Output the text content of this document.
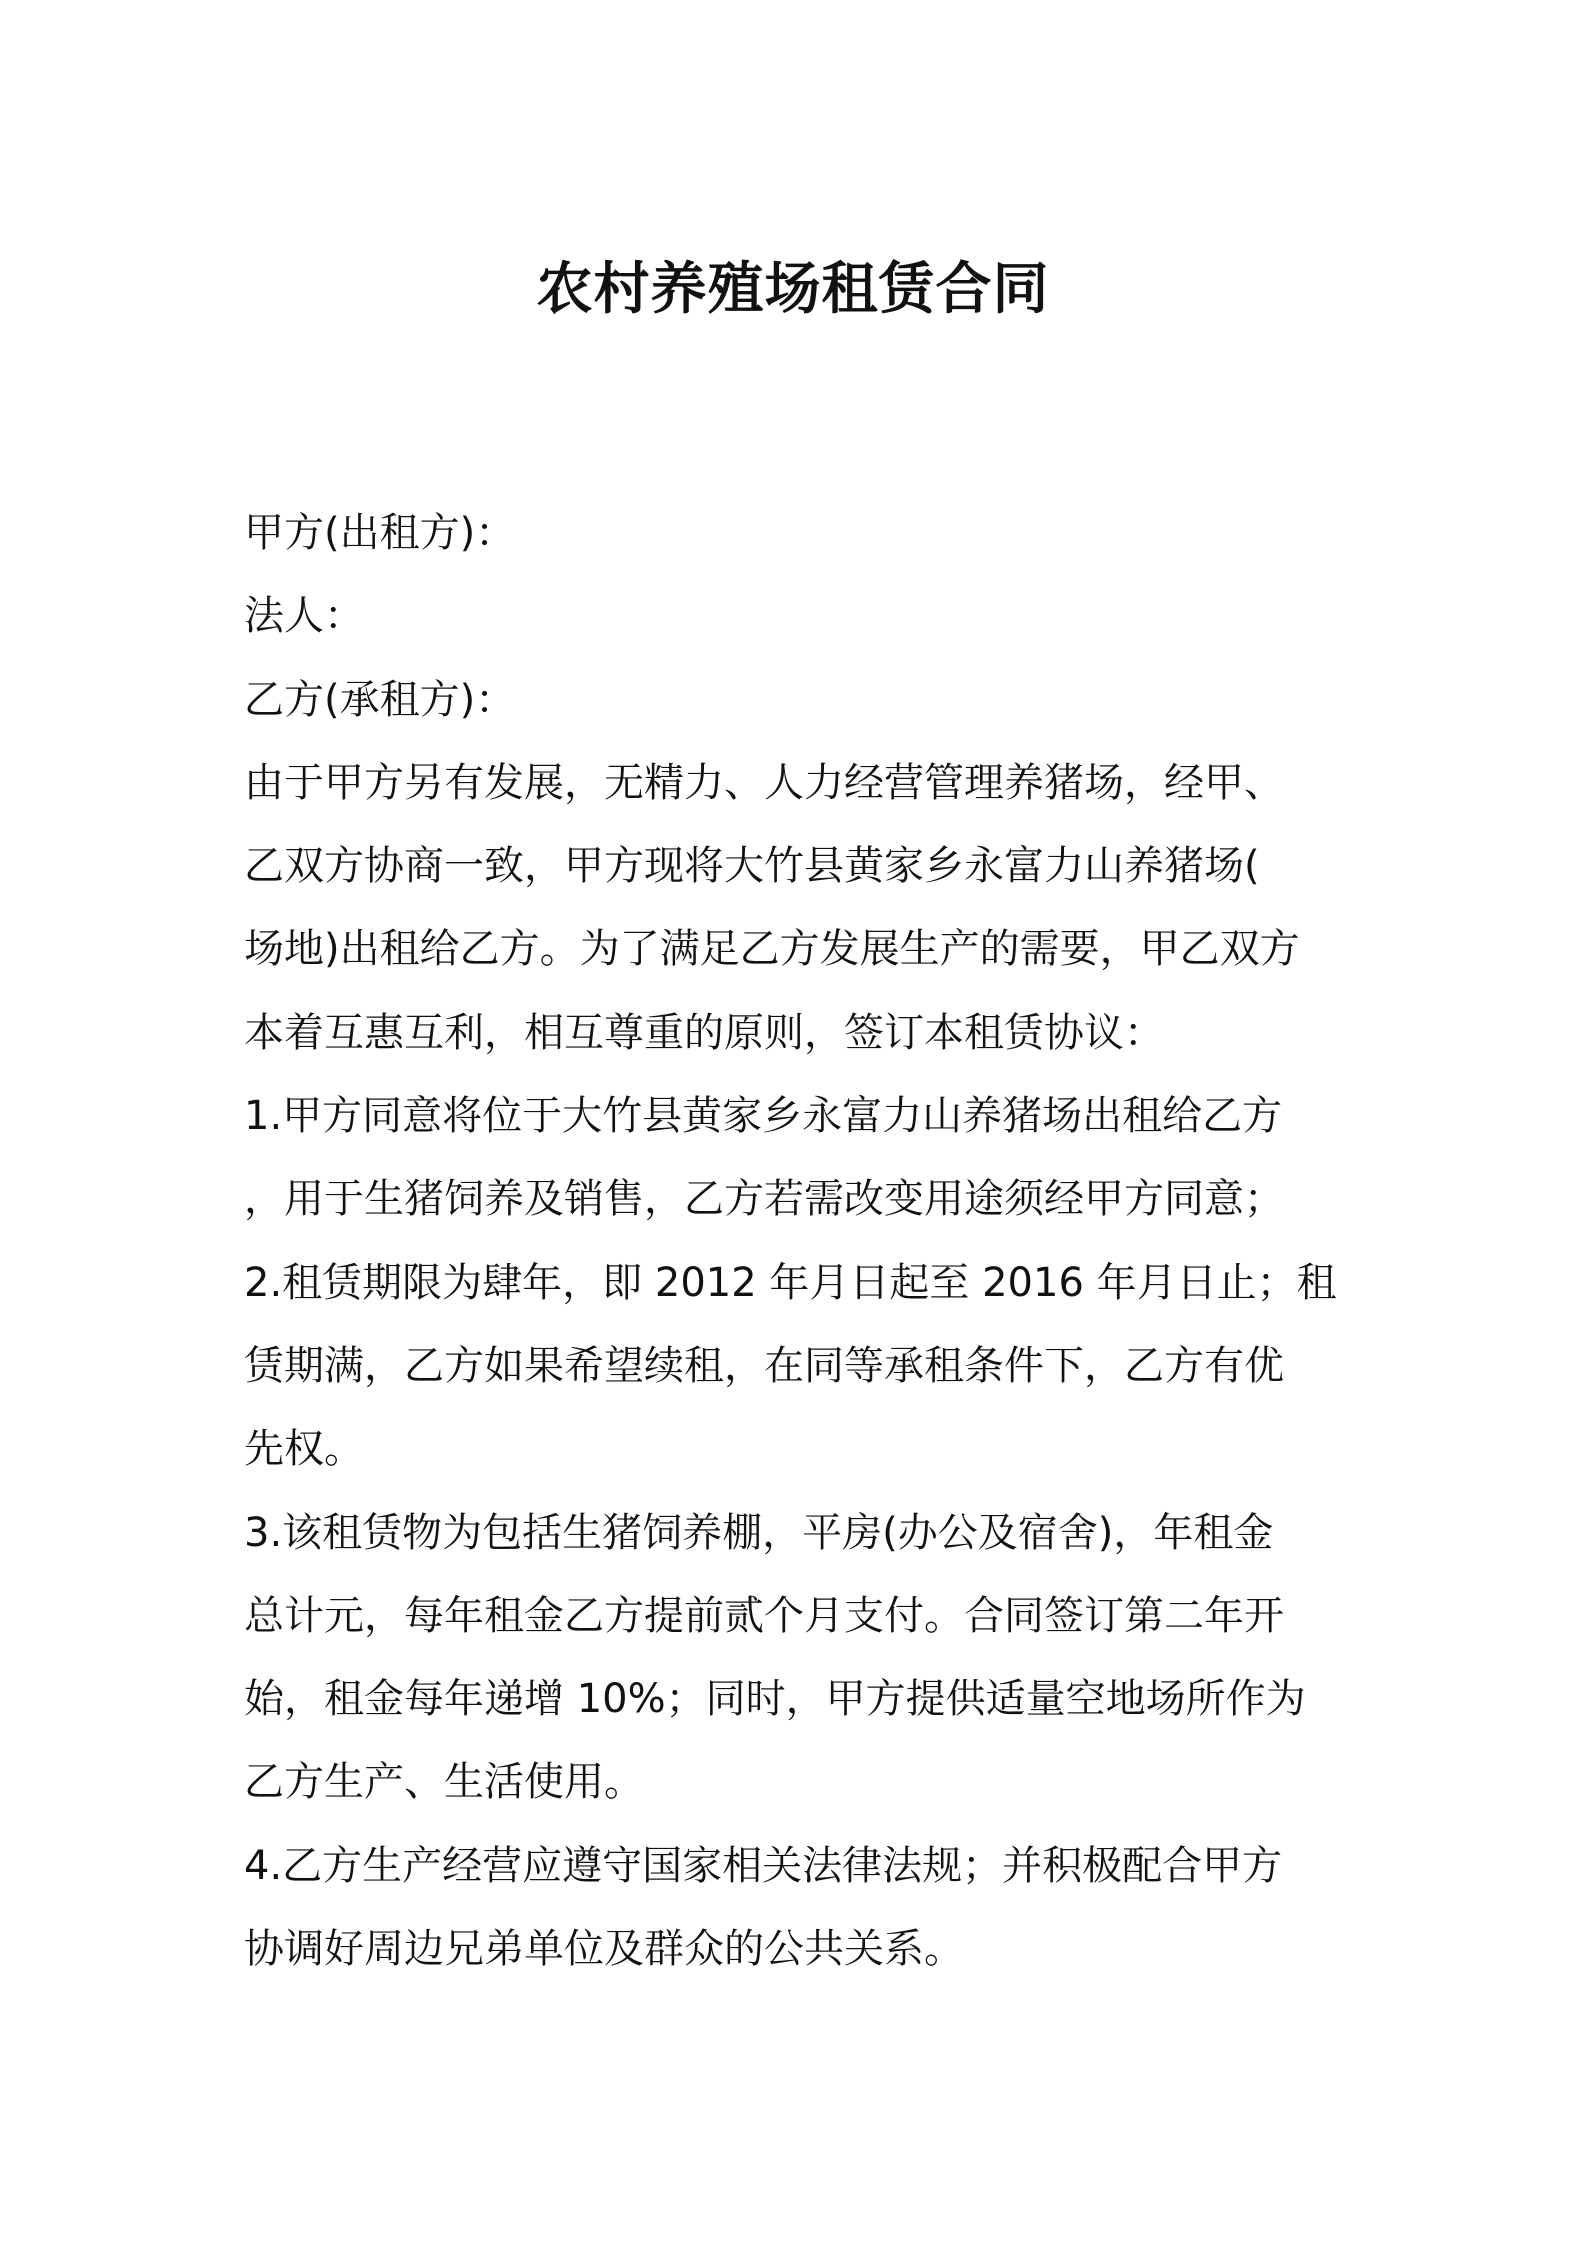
农村养殖场租赁合同

甲方(出租方)：

法人：

乙方(承租方)：

由于甲方另有发展，无精力、人力经营管理养猪场，经甲、

乙双方协商一致，甲方现将大竹县黄家乡永富力山养猪场(

场地)出租给乙方。为了满足乙方发展生产的需要，甲乙双方

本着互惠互利，相互尊重的原则，签订本租赁协议：

1.甲方同意将位于大竹县黄家乡永富力山养猪场出租给乙方

，用于生猪饲养及销售，乙方若需改变用途须经甲方同意；

2.租赁期限为肆年，即 2012 年月日起至 2016 年月日止；租

赁期满，乙方如果希望续租，在同等承租条件下，乙方有优

先权。

3.该租赁物为包括生猪饲养棚，平房(办公及宿舍)，年租金

总计元，每年租金乙方提前贰个月支付。合同签订第二年开

始，租金每年递增 10%；同时，甲方提供适量空地场所作为

乙方生产、生活使用。

4.乙方生产经营应遵守国家相关法律法规；并积极配合甲方

协调好周边兄弟单位及群众的公共关系。
